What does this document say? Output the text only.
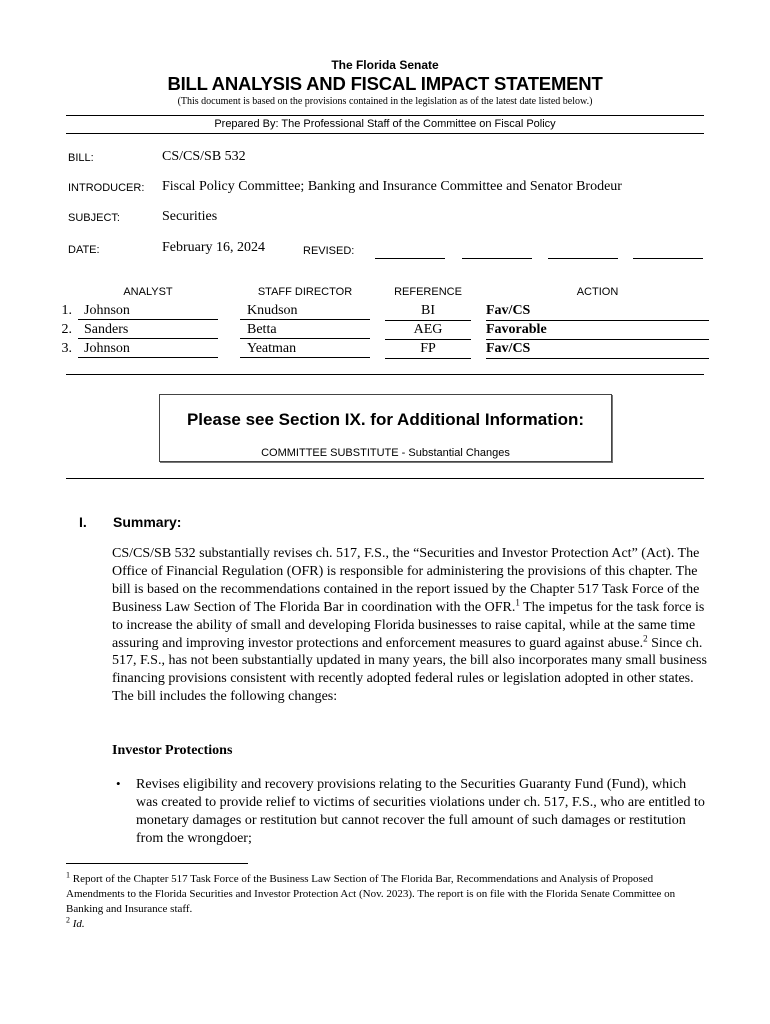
The Florida Senate
BILL ANALYSIS AND FISCAL IMPACT STATEMENT
(This document is based on the provisions contained in the legislation as of the latest date listed below.)
Prepared By: The Professional Staff of the Committee on Fiscal Policy
BILL:	CS/CS/SB 532
INTRODUCER: Fiscal Policy Committee; Banking and Insurance Committee and Senator Brodeur
SUBJECT:	Securities
DATE:	February 16, 2024	REVISED:
ANALYST	STAFF DIRECTOR	REFERENCE	ACTION
1. Johnson	Knudson	BI	Fav/CS
2. Sanders	Betta	AEG	Favorable
3. Johnson	Yeatman	FP	Fav/CS
Please see Section IX. for Additional Information:
COMMITTEE SUBSTITUTE - Substantial Changes
I. Summary:
CS/CS/SB 532 substantially revises ch. 517, F.S., the “Securities and Investor Protection Act” (Act). The Office of Financial Regulation (OFR) is responsible for administering the provisions of this chapter. The bill is based on the recommendations contained in the report issued by the Chapter 517 Task Force of the Business Law Section of The Florida Bar in coordination with the OFR.$^1$ The impetus for the task force is to increase the ability of small and developing Florida businesses to raise capital, while at the same time assuring and improving investor protections and enforcement measures to guard against abuse.$^2$ Since ch. 517, F.S., has not been substantially updated in many years, the bill also incorporates many small business financing provisions consistent with recently adopted federal rules or legislation adopted in other states. The bill includes the following changes:
Investor Protections
• Revises eligibility and recovery provisions relating to the Securities Guaranty Fund (Fund), which was created to provide relief to victims of securities violations under ch. 517, F.S., who are entitled to monetary damages or restitution but cannot recover the full amount of such damages or restitution from the wrongdoer;
$^1$ Report of the Chapter 517 Task Force of the Business Law Section of The Florida Bar, Recommendations and Analysis of Proposed Amendments to the Florida Securities and Investor Protection Act (Nov. 2023). The report is on file with the Florida Senate Committee on Banking and Insurance staff.
$^2$ Id.
